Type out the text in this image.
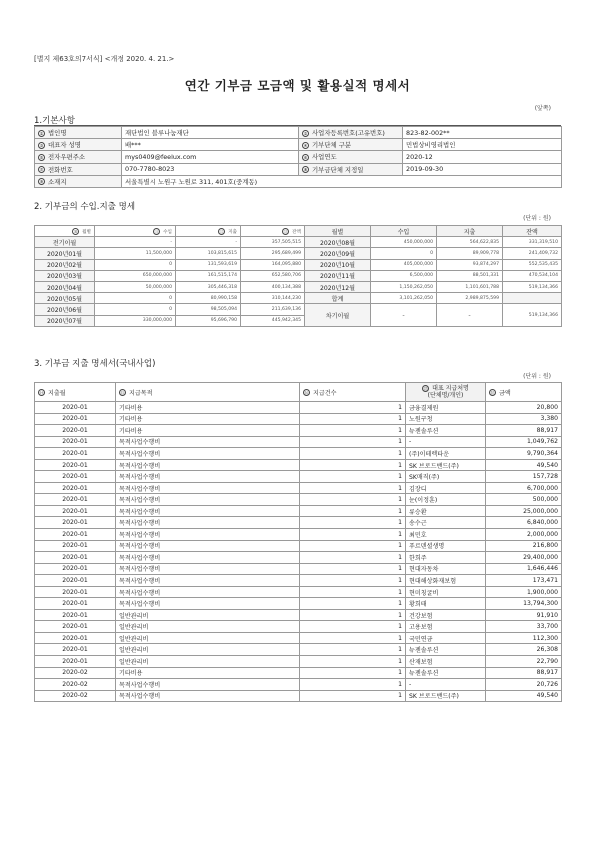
[별지 제63호의7서식] <개정 2020. 4. 21.>
연간 기부금 모금액 및 활용실적 명세서
(앞쪽)
1.기본사항
① 법인명	재단법인 블루나눔재단	② 사업자등록번호(고유번호)	823-82-002**
③ 대표자 성명	배***	④ 기부단체 구분	민법상비영리법인
⑤ 전자우편주소	mys0409@feelux.com	⑥ 사업연도	2020-12
⑦ 전화번호	070-7780-8023	⑧ 기부금단체 지정일	2019-09-30
⑨ 소재지	서울특별시 노원구 노원로 311, 401호(중계동)		
2. 기부금의 수입.지출 명세
(단위 : 원)
⑩ 월별	⑪ 수입	⑫ 지출	⑬ 잔액	월별	수입	지출	잔액
전기이월	-	-	357,505,515	2020년08월	450,000,000	564,622,835	331,319,510
2020년01월	11,500,000	103,815,615	295,689,499	2020년09월	0	89,909,778	241,409,732
2020년02월	0	131,593,619	164,095,880	2020년10월	405,000,000	93,874,297	552,535,435
2020년03월	650,000,000	161,515,174	652,580,706	2020년11월	6,500,000	88,501,331	470,534,104
2020년04월	50,000,000	305,446,318	400,134,388	2020년12월	1,150,262,050	1,101,601,788	519,134,366
2020년05월	0	80,990,158	310,144,230	합계	3,101,262,050	2,989,875,599	
2020년06월	0	98,505,094	211,639,136	차기이월	-	-	519,134,366
2020년07월	330,000,000	95,696,790	445,942,345				
3. 기부금 지출 명세서(국내사업)
(단위 : 원)
⑭ 지출월	⑮ 지급목적	⑯ 지급건수	⑰ 대표 지급처명
(단체명/개인)	⑱ 금액
2020-01	기타비용	1	금융결제원	20,800
2020-01	기타비용	1	노원구청	3,380
2020-01	기타비용	1	뉴젠솔루션	88,917
2020-01	목적사업수행비	1	-	1,049,762
2020-01	목적사업수행비	1	(주)이테렉타운	9,790,364
2020-01	목적사업수행비	1	SK 브로드밴드(주)	49,540
2020-01	목적사업수행비	1	SK매직(주)	157,728
2020-01	목적사업수행비	1	김장디	6,700,000
2020-01	목적사업수행비	1	눈(이정훈)	500,000
2020-01	목적사업수행비	1	류승환	25,000,000
2020-01	목적사업수행비	1	송수근	6,840,000
2020-01	목적사업수행비	1	최민호	2,000,000
2020-01	목적사업수행비	1	푸르덴셜생명	216,800
2020-01	목적사업수행비	1	한희주	29,400,000
2020-01	목적사업수행비	1	현대자동차	1,646,446
2020-01	목적사업수행비	1	현대해상화재보험	173,471
2020-01	목적사업수행비	1	현미칭굴비	1,900,000
2020-01	목적사업수행비	1	황희태	13,794,300
2020-01	일반관리비	1	건강보험	91,910
2020-01	일반관리비	1	고용보험	33,700
2020-01	일반관리비	1	국민연금	112,300
2020-01	일반관리비	1	뉴젠솔루션	26,308
2020-01	일반관리비	1	산재보험	22,790
2020-02	기타비용	1	뉴젠솔루션	88,917
2020-02	목적사업수행비	1	-	20,726
2020-02	목적사업수행비	1	SK 브로드밴드(주)	49,540
